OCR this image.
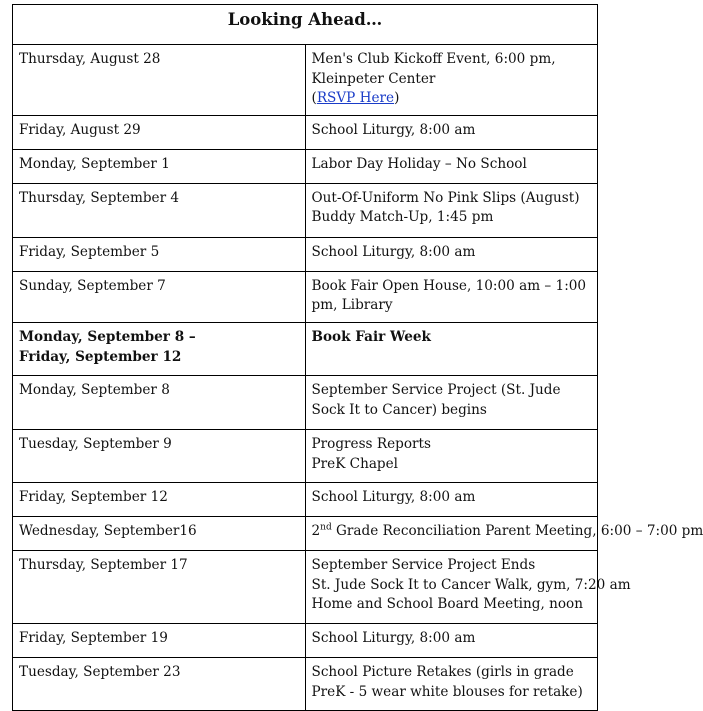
Looking Ahead…	
Thursday, August 28	Men's Club Kickoff Event, 6:00 pm, Kleinpeter Center
(RSVP Here)
Friday, August 29	School Liturgy, 8:00 am
Monday, September 1	Labor Day Holiday – No School
Thursday, September 4	Out-Of-Uniform No Pink Slips (August)
Buddy Match-Up, 1:45 pm

Friday, September 5	School Liturgy, 8:00 am
Sunday, September 7	Book Fair Open House, 10:00 am – 1:00 pm, Library

Monday, September 8 –
Friday, September 12	Book Fair Week
Monday, September 8	September Service Project (St. Jude Sock It to Cancer) begins
Tuesday, September 9	Progress Reports
PreK Chapel

Friday, September 12	School Liturgy, 8:00 am
Wednesday, September16	2nd Grade Reconciliation Parent Meeting, 6:00 – 7:00 pm
Thursday, September 17	September Service Project Ends
St. Jude Sock It to Cancer Walk, gym, 7:20 am
Home and School Board Meeting, noon

Friday, September 19	School Liturgy, 8:00 am
Tuesday, September 23	School Picture Retakes (girls in grade PreK - 5 wear white blouses for retake)
